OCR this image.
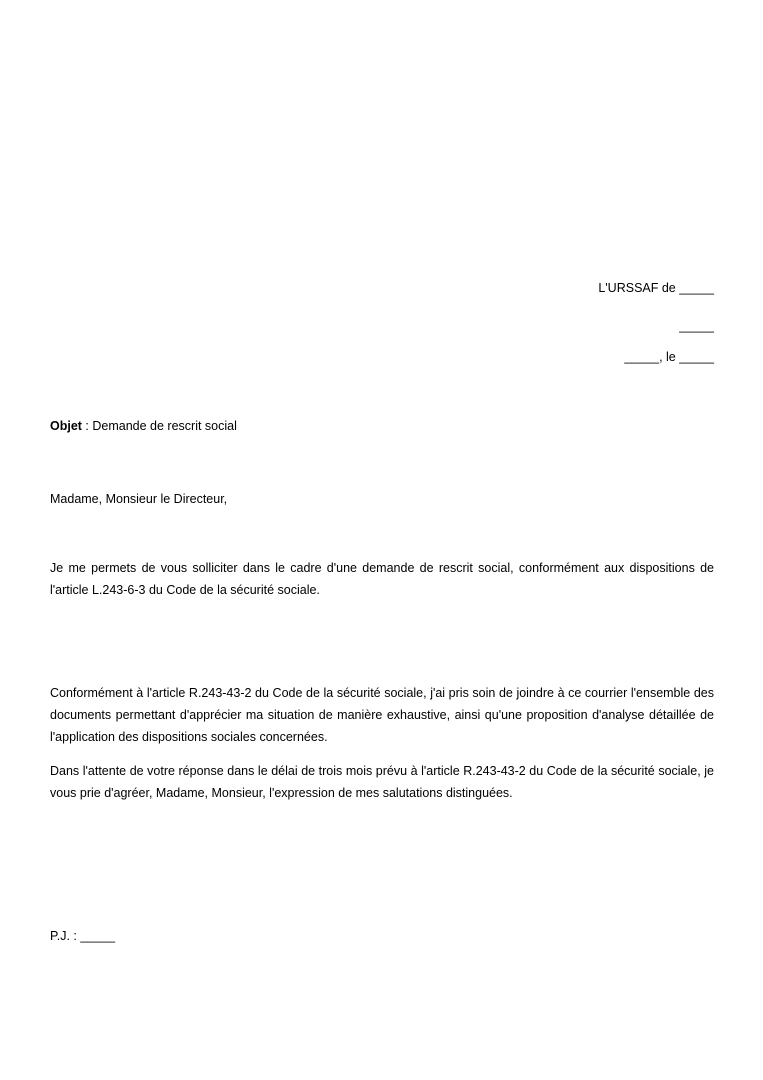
L'URSSAF de _____
_____
_____, le _____
Objet : Demande de rescrit social
Madame, Monsieur le Directeur,

Je me permets de vous solliciter dans le cadre d'une demande de rescrit social, conformément aux dispositions de l'article L.243-6-3 du Code de la sécurité sociale.

Conformément à l'article R.243-43-2 du Code de la sécurité sociale, j'ai pris soin de joindre à ce courrier l'ensemble des documents permettant d'apprécier ma situation de manière exhaustive, ainsi qu'une proposition d'analyse détaillée de l'application des dispositions sociales concernées.

Dans l'attente de votre réponse dans le délai de trois mois prévu à l'article R.243-43-2 du Code de la sécurité sociale, je vous prie d'agréer, Madame, Monsieur, l'expression de mes salutations distinguées.

P.J. : _____
